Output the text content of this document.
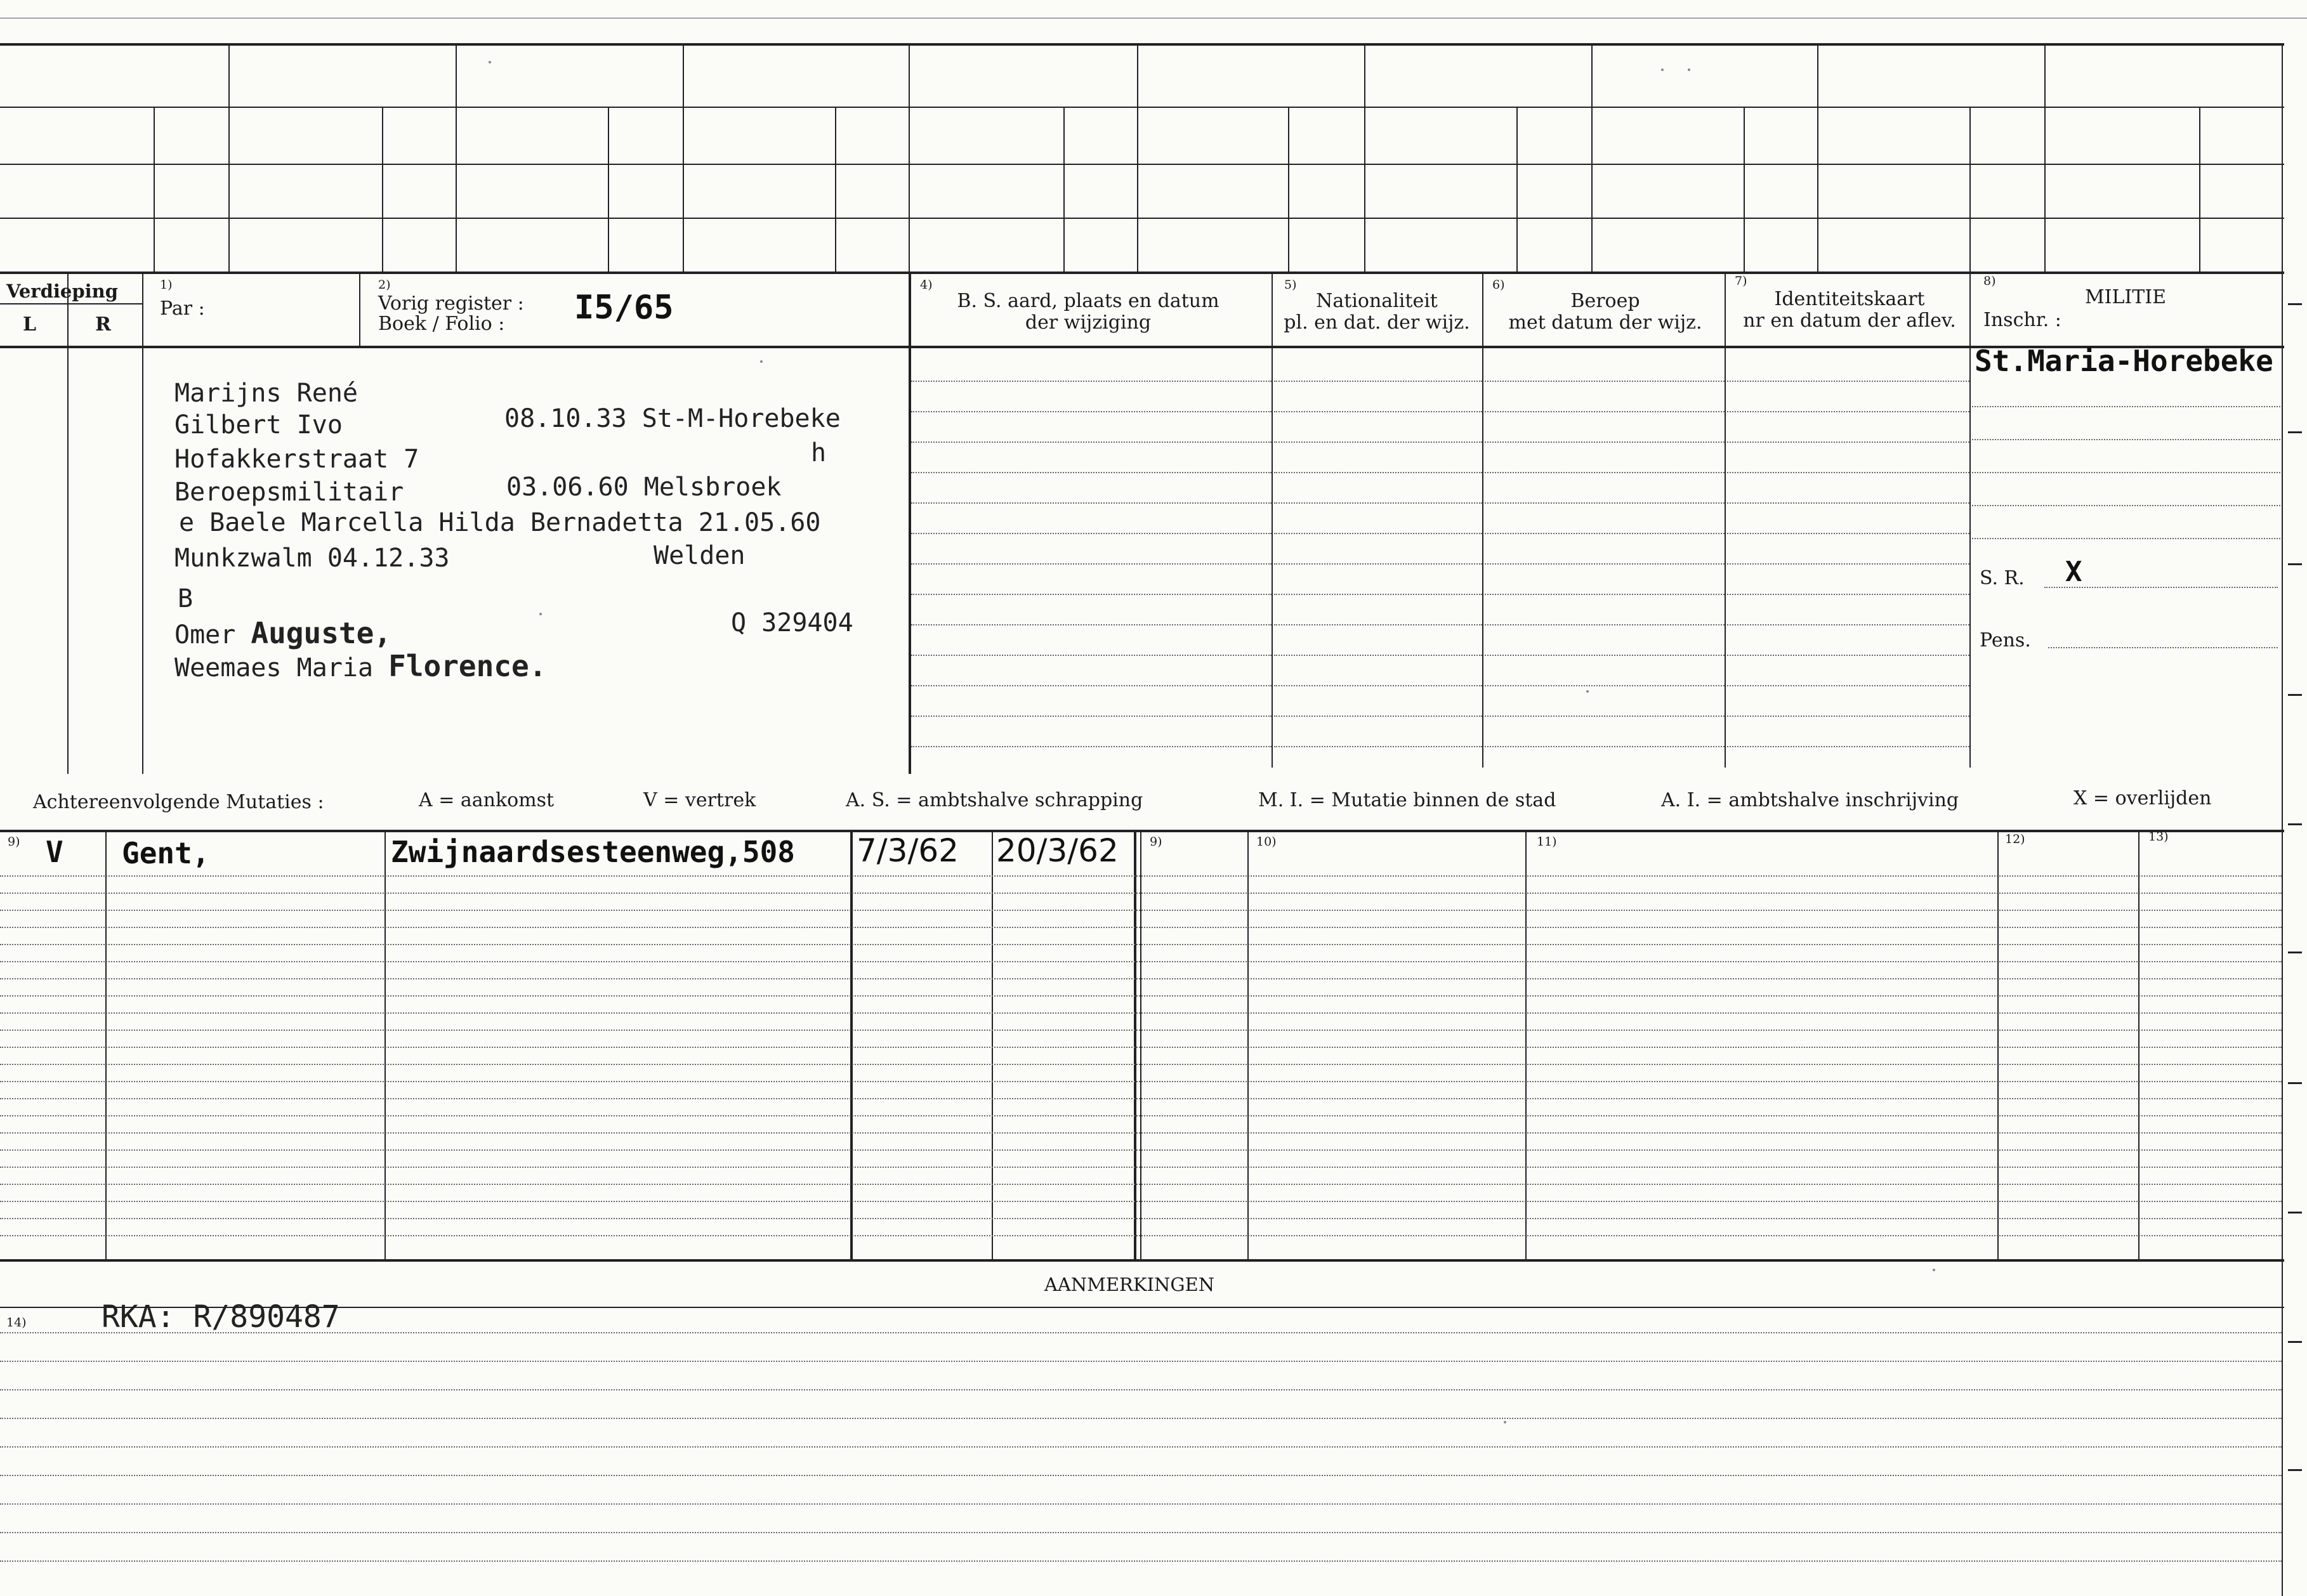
Verdieping
L	R
1)
Par :
2)
Vorig register :
Boek / Folio : I5/65
4)
B. S. aard, plaats en datum
der wijziging
5)
Nationaliteit
pl. en dat. der wijz.
6)
Beroep
met datum der wijz.
7)
Identiteitskaart
nr en datum der aflev.
8)
MILITIE
Inschr. :
Marijns René
Gilbert Ivo	08.10.33 St-M-Horebeke
Hofakkerstraat 7	h
Beroepsmilitair	03.06.60 Melsbroek
e Baele Marcella Hilda Bernadetta 21.05.60
Munkzwalm 04.12.33	Welden
B
Omer Auguste,	Q 329404
Weemaes Maria Florence.
St.Maria-Horebeke
S. R. X
Pens.
Achtereenvolgende Mutaties :	A = aankomst	V = vertrek	A. S. = ambtshalve schrapping	M. I. = Mutatie binnen de stad	A. I. = ambtshalve inschrijving	X = overlijden
9)	9)	10)	11)	12)	13)
V Gent,	Zwijnaardsesteenweg,508 7/3/62 20/3/62
AANMERKINGEN
14) RKA: R/890487
